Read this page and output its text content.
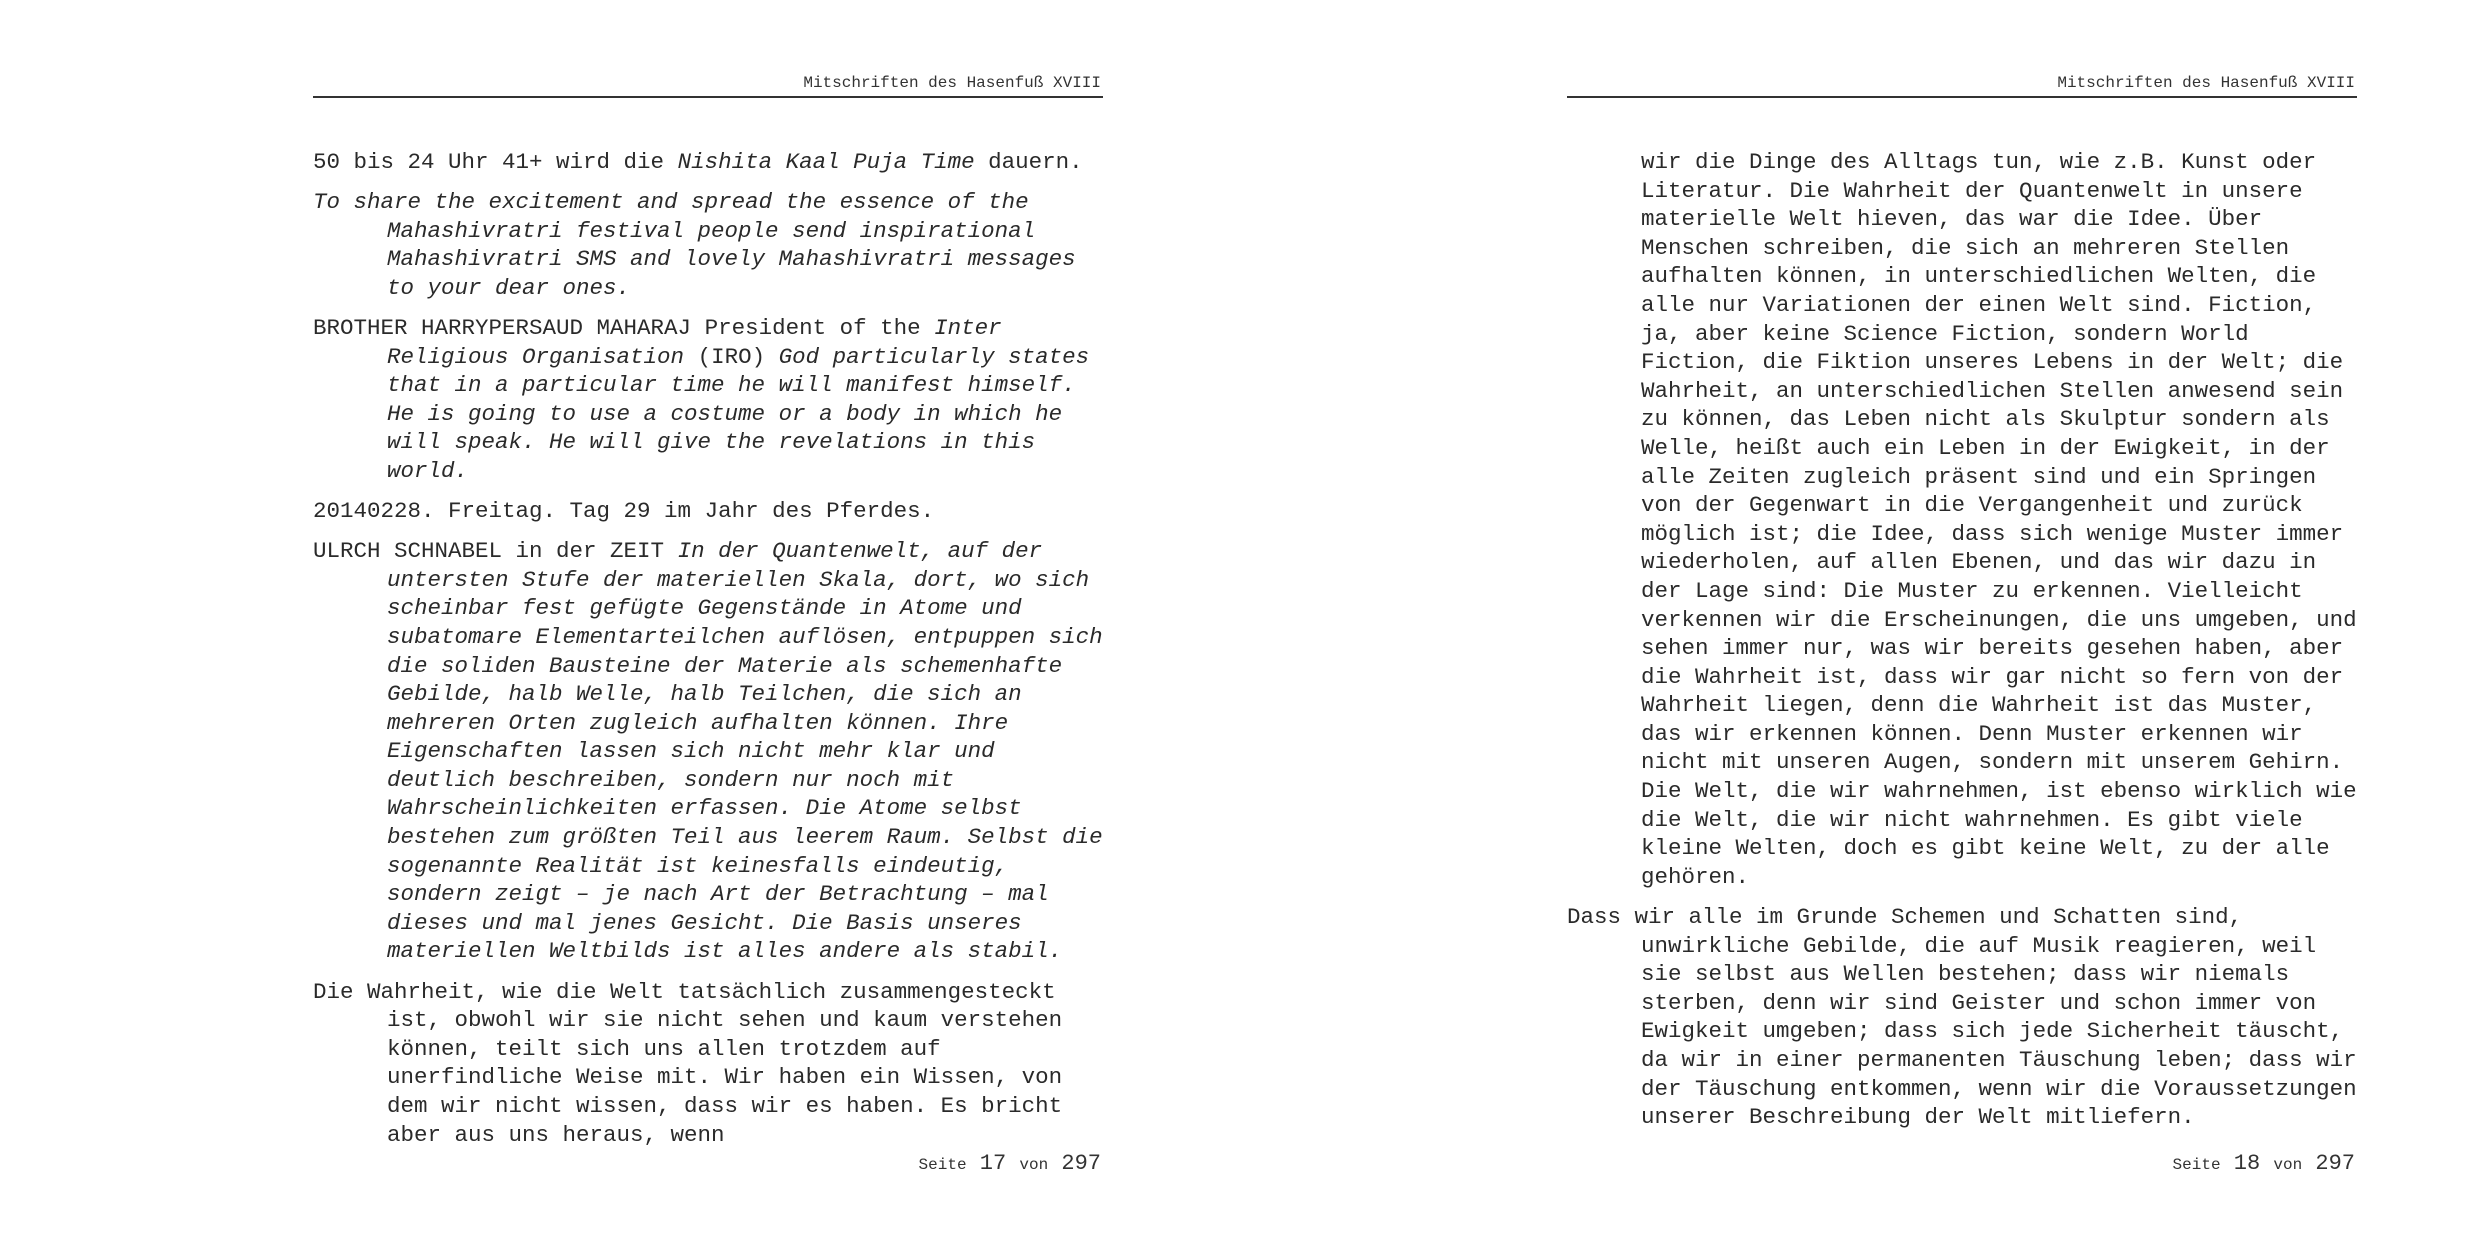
Mitschriften des Hasenfuß XVIII

50 bis 24 Uhr 41+ wird die Nishita Kaal Puja Time dauern.

To share the excitement and spread the essence of the Mahashivratri festival people send inspirational Mahashivratri SMS and lovely Mahashivratri messages to your dear ones.

BROTHER HARRYPERSAUD MAHARAJ President of the Inter Religious Organisation (IRO) God particularly states that in a particular time he will manifest himself. He is going to use a costume or a body in which he will speak. He will give the revelations in this world.

20140228. Freitag. Tag 29 im Jahr des Pferdes.

ULRCH SCHNABEL in der ZEIT In der Quantenwelt, auf der untersten Stufe der materiellen Skala, dort, wo sich scheinbar fest gefügte Gegenstände in Atome und subatomare Elementarteilchen auflösen, entpuppen sich die soliden Bausteine der Materie als schemenhafte Gebilde, halb Welle, halb Teilchen, die sich an mehreren Orten zugleich aufhalten können. Ihre Eigenschaften lassen sich nicht mehr klar und deutlich beschreiben, sondern nur noch mit Wahrscheinlichkeiten erfassen. Die Atome selbst bestehen zum größten Teil aus leerem Raum. Selbst die sogenannte Realität ist keinesfalls eindeutig, sondern zeigt – je nach Art der Betrachtung – mal dieses und mal jenes Gesicht. Die Basis unseres materiellen Weltbilds ist alles andere als stabil.

Die Wahrheit, wie die Welt tatsächlich zusammengesteckt ist, obwohl wir sie nicht sehen und kaum verstehen können, teilt sich uns allen trotzdem auf unerfindliche Weise mit. Wir haben ein Wissen, von dem wir nicht wissen, dass wir es haben. Es bricht aber aus uns heraus, wenn

Seite 17 von 297
Mitschriften des Hasenfuß XVIII

wir die Dinge des Alltags tun, wie z.B. Kunst oder Literatur. Die Wahrheit der Quantenwelt in unsere materielle Welt hieven, das war die Idee. Über Menschen schreiben, die sich an mehreren Stellen aufhalten können, in unterschiedlichen Welten, die alle nur Variationen der einen Welt sind. Fiction, ja, aber keine Science Fiction, sondern World Fiction, die Fiktion unseres Lebens in der Welt; die Wahrheit, an unterschiedlichen Stellen anwesend sein zu können, das Leben nicht als Skulptur sondern als Welle, heißt auch ein Leben in der Ewigkeit, in der alle Zeiten zugleich präsent sind und ein Springen von der Gegenwart in die Vergangenheit und zurück möglich ist; die Idee, dass sich wenige Muster immer wiederholen, auf allen Ebenen, und das wir dazu in der Lage sind: Die Muster zu erkennen. Vielleicht verkennen wir die Erscheinungen, die uns umgeben, und sehen immer nur, was wir bereits gesehen haben, aber die Wahrheit ist, dass wir gar nicht so fern von der Wahrheit liegen, denn die Wahrheit ist das Muster, das wir erkennen können. Denn Muster erkennen wir nicht mit unseren Augen, sondern mit unserem Gehirn. Die Welt, die wir wahrnehmen, ist ebenso wirklich wie die Welt, die wir nicht wahrnehmen. Es gibt viele kleine Welten, doch es gibt keine Welt, zu der alle gehören.

Dass wir alle im Grunde Schemen und Schatten sind, unwirkliche Gebilde, die auf Musik reagieren, weil sie selbst aus Wellen bestehen; dass wir niemals sterben, denn wir sind Geister und schon immer von Ewigkeit umgeben; dass sich jede Sicherheit täuscht, da wir in einer permanenten Täuschung leben; dass wir der Täuschung entkommen, wenn wir die Voraussetzungen unserer Beschreibung der Welt mitliefern.

Seite 18 von 297
